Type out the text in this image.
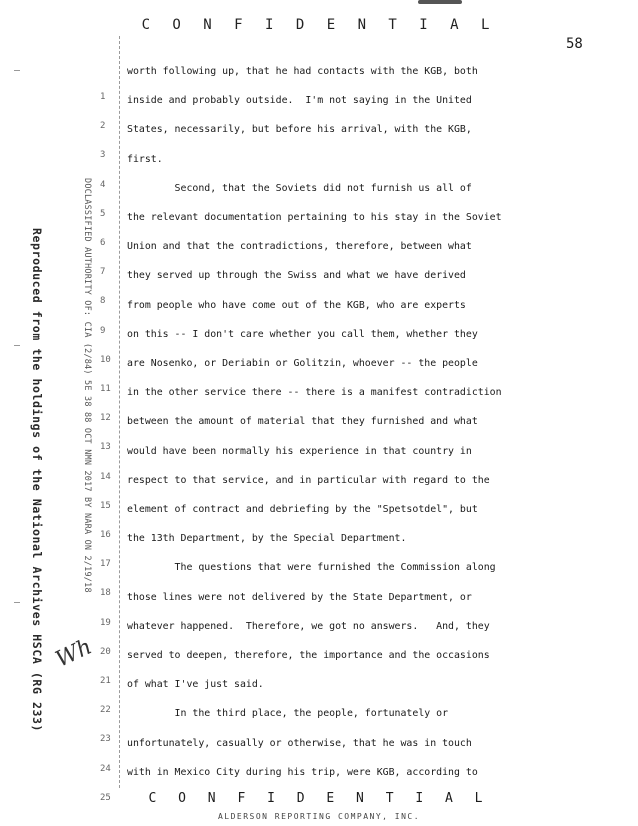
C O N F I D E N T I A L
58
Reproduced from the holdings of the National Archives HSCA (RG 233)	DOCLASSIFIED AUTHORITY OF: CIA (2/84) 5E 38 88 OCT NMN 2017 BY NARA ON 2/19/18
Wh
1
2
3
4
5
6
7
8
9
10
11
12
13
14
15
16
17
18
19
20
21
22
23
24
25
worth following up, that he had contacts with the KGB, both
inside and probably outside.  I'm not saying in the United
States, necessarily, but before his arrival, with the KGB,
first.
Second, that the Soviets did not furnish us all of
the relevant documentation pertaining to his stay in the Soviet
Union and that the contradictions, therefore, between what
they served up through the Swiss and what we have derived
from people who have come out of the KGB, who are experts
on this -- I don't care whether you call them, whether they
are Nosenko, or Deriabin or Golitzin, whoever -- the people
in the other service there -- there is a manifest contradiction
between the amount of material that they furnished and what
would have been normally his experience in that country in
respect to that service, and in particular with regard to the
element of contract and debriefing by the "Spetsotdel", but
the 13th Department, by the Special Department.
The questions that were furnished the Commission along
those lines were not delivered by the State Department, or
whatever happened.  Therefore, we got no answers.   And, they
served to deepen, therefore, the importance and the occasions
of what I've just said.
In the third place, the people, fortunately or
unfortunately, casually or otherwise, that he was in touch
with in Mexico City during his trip, were KGB, according to
C O N F I D E N T I A L
ALDERSON REPORTING COMPANY, INC.
